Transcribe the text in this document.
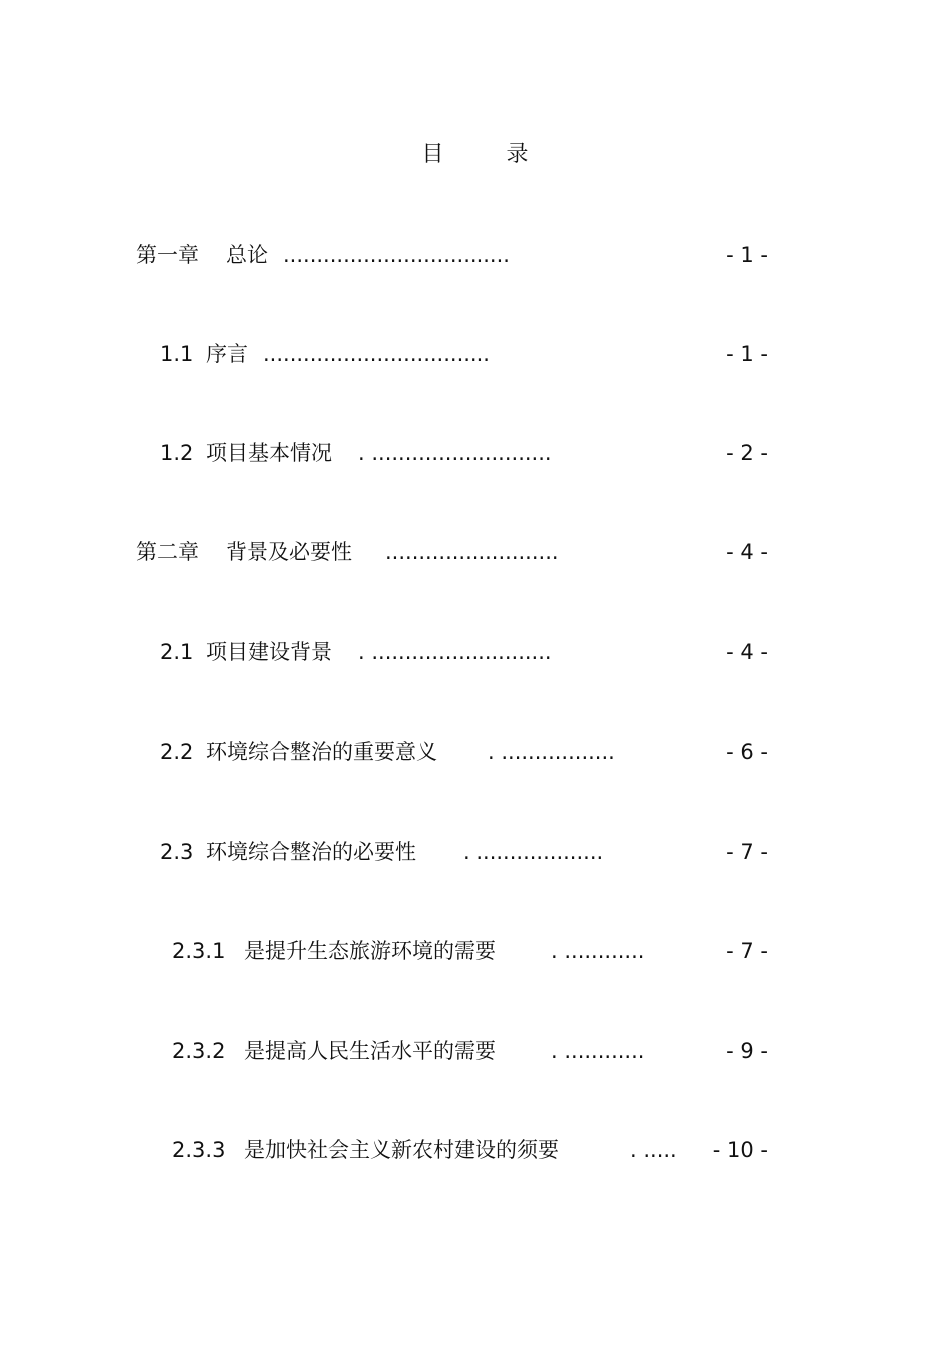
目 录
第一章 总论 ..................................	- 1 -
1.1 序言 ..................................	- 1 -
1.2 项目基本情况 . ...........................	- 2 -
第二章 背景及必要性 ..........................	- 4 -
2.1 项目建设背景 . ...........................	- 4 -
2.2 环境综合整治的重要意义 . .................	- 6 -
2.3 环境综合整治的必要性 . ...................	- 7 -
2.3.1 是提升生态旅游环境的需要	. ............	- 7 -
2.3.2 是提高人民生活水平的需要	. ............	- 9 -
2.3.3 是加快社会主义新农村建设的须要	. ..... - 10 -
